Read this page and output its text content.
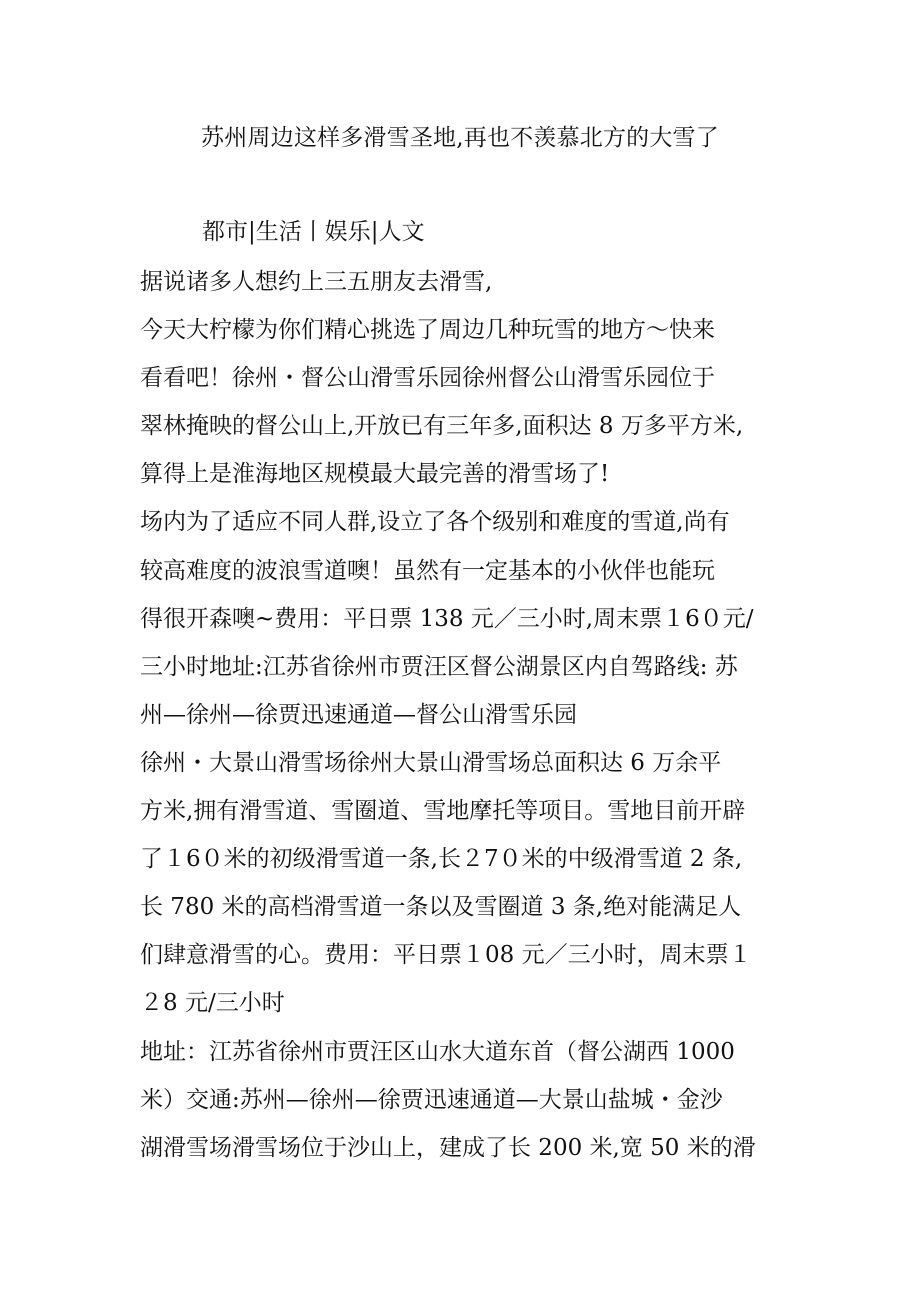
苏州周边这样多滑雪圣地,再也不羡慕北方的大雪了
都市|生活丨娱乐|人文
据说诸多人想约上三五朋友去滑雪,
今天大柠檬为你们精心挑选了周边几种玩雪的地方～快来
看看吧！徐州・督公山滑雪乐园徐州督公山滑雪乐园位于
翠林掩映的督公山上,开放已有三年多,面积达 8 万多平方米,
算得上是淮海地区规模最大最完善的滑雪场了!
场内为了适应不同人群,设立了各个级别和难度的雪道,尚有
较高难度的波浪雪道噢！虽然有一定基本的小伙伴也能玩
得很开森噢~费用：平日票 138 元／三小时,周末票１6０元/
三小时地址:江苏省徐州市贾汪区督公湖景区内自驾路线: 苏
州—徐州—徐贾迅速通道—督公山滑雪乐园
徐州・大景山滑雪场徐州大景山滑雪场总面积达 6 万余平
方米,拥有滑雪道、雪圈道、雪地摩托等项目。雪地目前开辟
了１6０米的初级滑雪道一条,长２7０米的中级滑雪道 2 条,
长 780 米的高档滑雪道一条以及雪圈道 3 条,绝对能满足人
们肆意滑雪的心。费用：平日票１08 元／三小时，周末票１
２8 元/三小时
地址：江苏省徐州市贾汪区山水大道东首（督公湖西 1000
米）交通:苏州—徐州—徐贾迅速通道—大景山盐城・金沙
湖滑雪场滑雪场位于沙山上，建成了长 200 米,宽 50 米的滑
